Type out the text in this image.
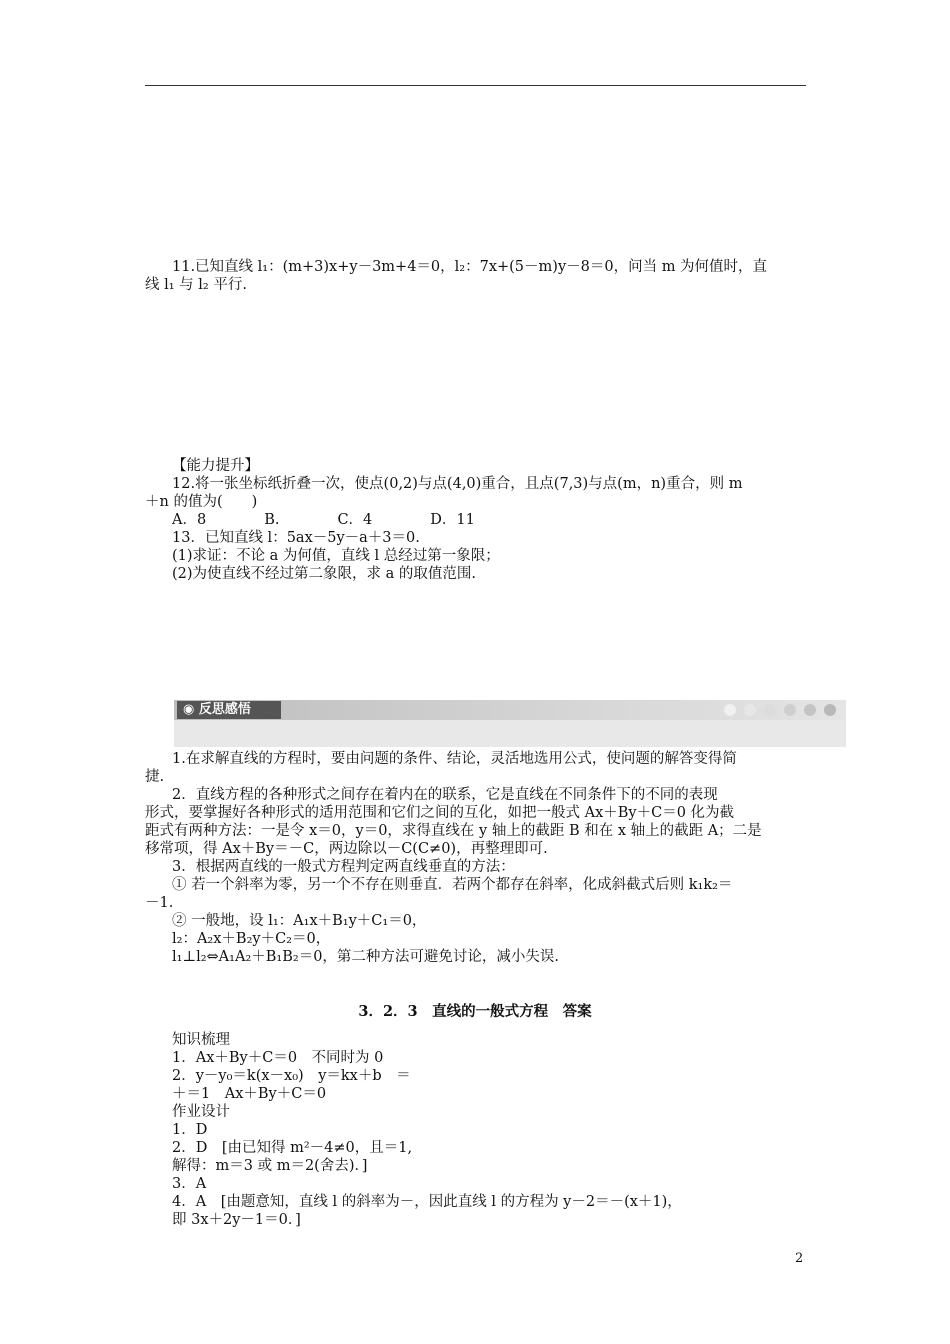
11.已知直线 l₁：(m+3)x+y－3m+4＝0，l₂：7x+(5－m)y－8＝0，问当 m 为何值时，直
线 l₁ 与 l₂ 平行.
【能力提升】
12.将一张坐标纸折叠一次，使点(0,2)与点(4,0)重合，且点(7,3)与点(m，n)重合，则 m
＋n 的值为(　　)
A．8　　　　B.　　　　C．4　　　　D．11
13．已知直线 l：5ax－5y－a＋3＝0.
(1)求证：不论 a 为何值，直线 l 总经过第一象限；
(2)为使直线不经过第二象限，求 a 的取值范围.
◉ 反思感悟
1.在求解直线的方程时，要由问题的条件、结论，灵活地选用公式，使问题的解答变得简
捷.
2．直线方程的各种形式之间存在着内在的联系，它是直线在不同条件下的不同的表现
形式，要掌握好各种形式的适用范围和它们之间的互化，如把一般式 Ax＋By＋C＝0 化为截
距式有两种方法：一是令 x＝0，y＝0，求得直线在 y 轴上的截距 B 和在 x 轴上的截距 A；二是
移常项，得 Ax＋By＝－C，两边除以－C(C≠0)，再整理即可.
3．根据两直线的一般式方程判定两直线垂直的方法：
① 若一个斜率为零，另一个不存在则垂直．若两个都存在斜率，化成斜截式后则 k₁k₂＝
－1.
② 一般地，设 l₁：A₁x＋B₁y＋C₁＝0，
l₂：A₂x＋B₂y＋C₂＝0，
l₁⊥l₂⇔A₁A₂＋B₁B₂＝0，第二种方法可避免讨论，减小失误.
3．2．3　直线的一般式方程　答案
知识梳理
1．Ax＋By＋C＝0　不同时为 0
2．y－y₀＝k(x－x₀)　y＝kx＋b　＝
＋＝1　Ax＋By＋C＝0
作业设计
1．D
2．D　[由已知得 m²－4≠0，且＝1,
解得：m＝3 或 m＝2(舍去)．]
3．A
4．A　[由题意知，直线 l 的斜率为－，因此直线 l 的方程为 y－2＝－(x＋1)，
即 3x＋2y－1＝0．]
2
